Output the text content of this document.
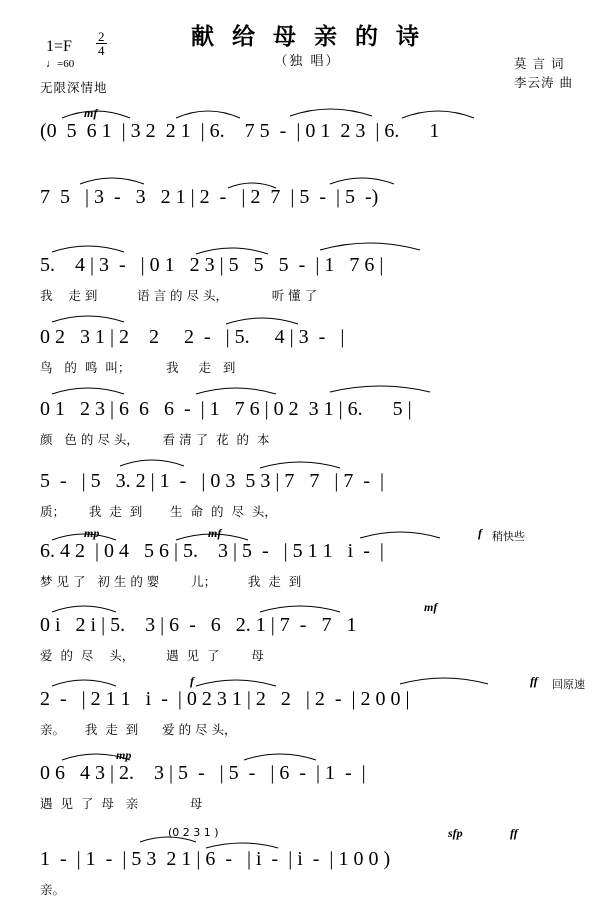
献 给 母 亲 的 诗
（独 唱）
$1=F \frac{2}{4}$
♩=60
无限深情地
莫 言 词
李云涛 曲
mf
(0  5  6 1  | 3 2  2 1  | 6.    7 5  -  | 0 1  2 3  | 6.      1
7  5   | 3  -   3   2 1 | 2  -   | 2  7  | 5  -  | 5  -)
5.    4 | 3  -   | 0 1   2 3 | 5   5   5  -  | 1   7 6 |
我    走 到          语 言 的 尽 头，           听 懂 了
0 2   3 1 | 2    2     2  -   | 5.     4 | 3  -   |
鸟   的  鸣  叫；         我     走   到
0 1   2 3 | 6  6   6  -  | 1   7 6 | 0 2  3 1 | 6.      5 |
颜   色 的 尽 头，      看 清 了  花  的  本
5  -   | 5   3. 2 | 1  -   | 0 3  5 3 | 7   7   | 7  -  |
质；      我  走  到       生  命  的  尽  头，
mp	mf	f 稍快些
6. 4 2  | 0 4   5 6 | 5.    3 | 5  -   | 5 1 1   i  -  |
梦 见 了   初 生 的 婴        儿；        我  走  到
mf
0 i   2 i | 5.    3 | 6  -   6   2. 1 | 7  -   7   1
爱  的  尽    头，        遇  见  了        母
f	ff 回原速
2  -   | 2 1 1   i  -  | 0 2 3 1 | 2   2   | 2  -  | 2 0 0 |
亲。     我  走  到      爱 的 尽 头，
mp
0 6   4 3 | 2.    3 | 5  -   | 5  -   | 6  -  | 1  -  |
遇  见  了  母   亲             母
(0 2 3 1 )	sfp	ff
1  -  | 1  -  | 5 3  2 1 | 6  -   | i  -  | i  -  | 1 0 0 )
亲。
